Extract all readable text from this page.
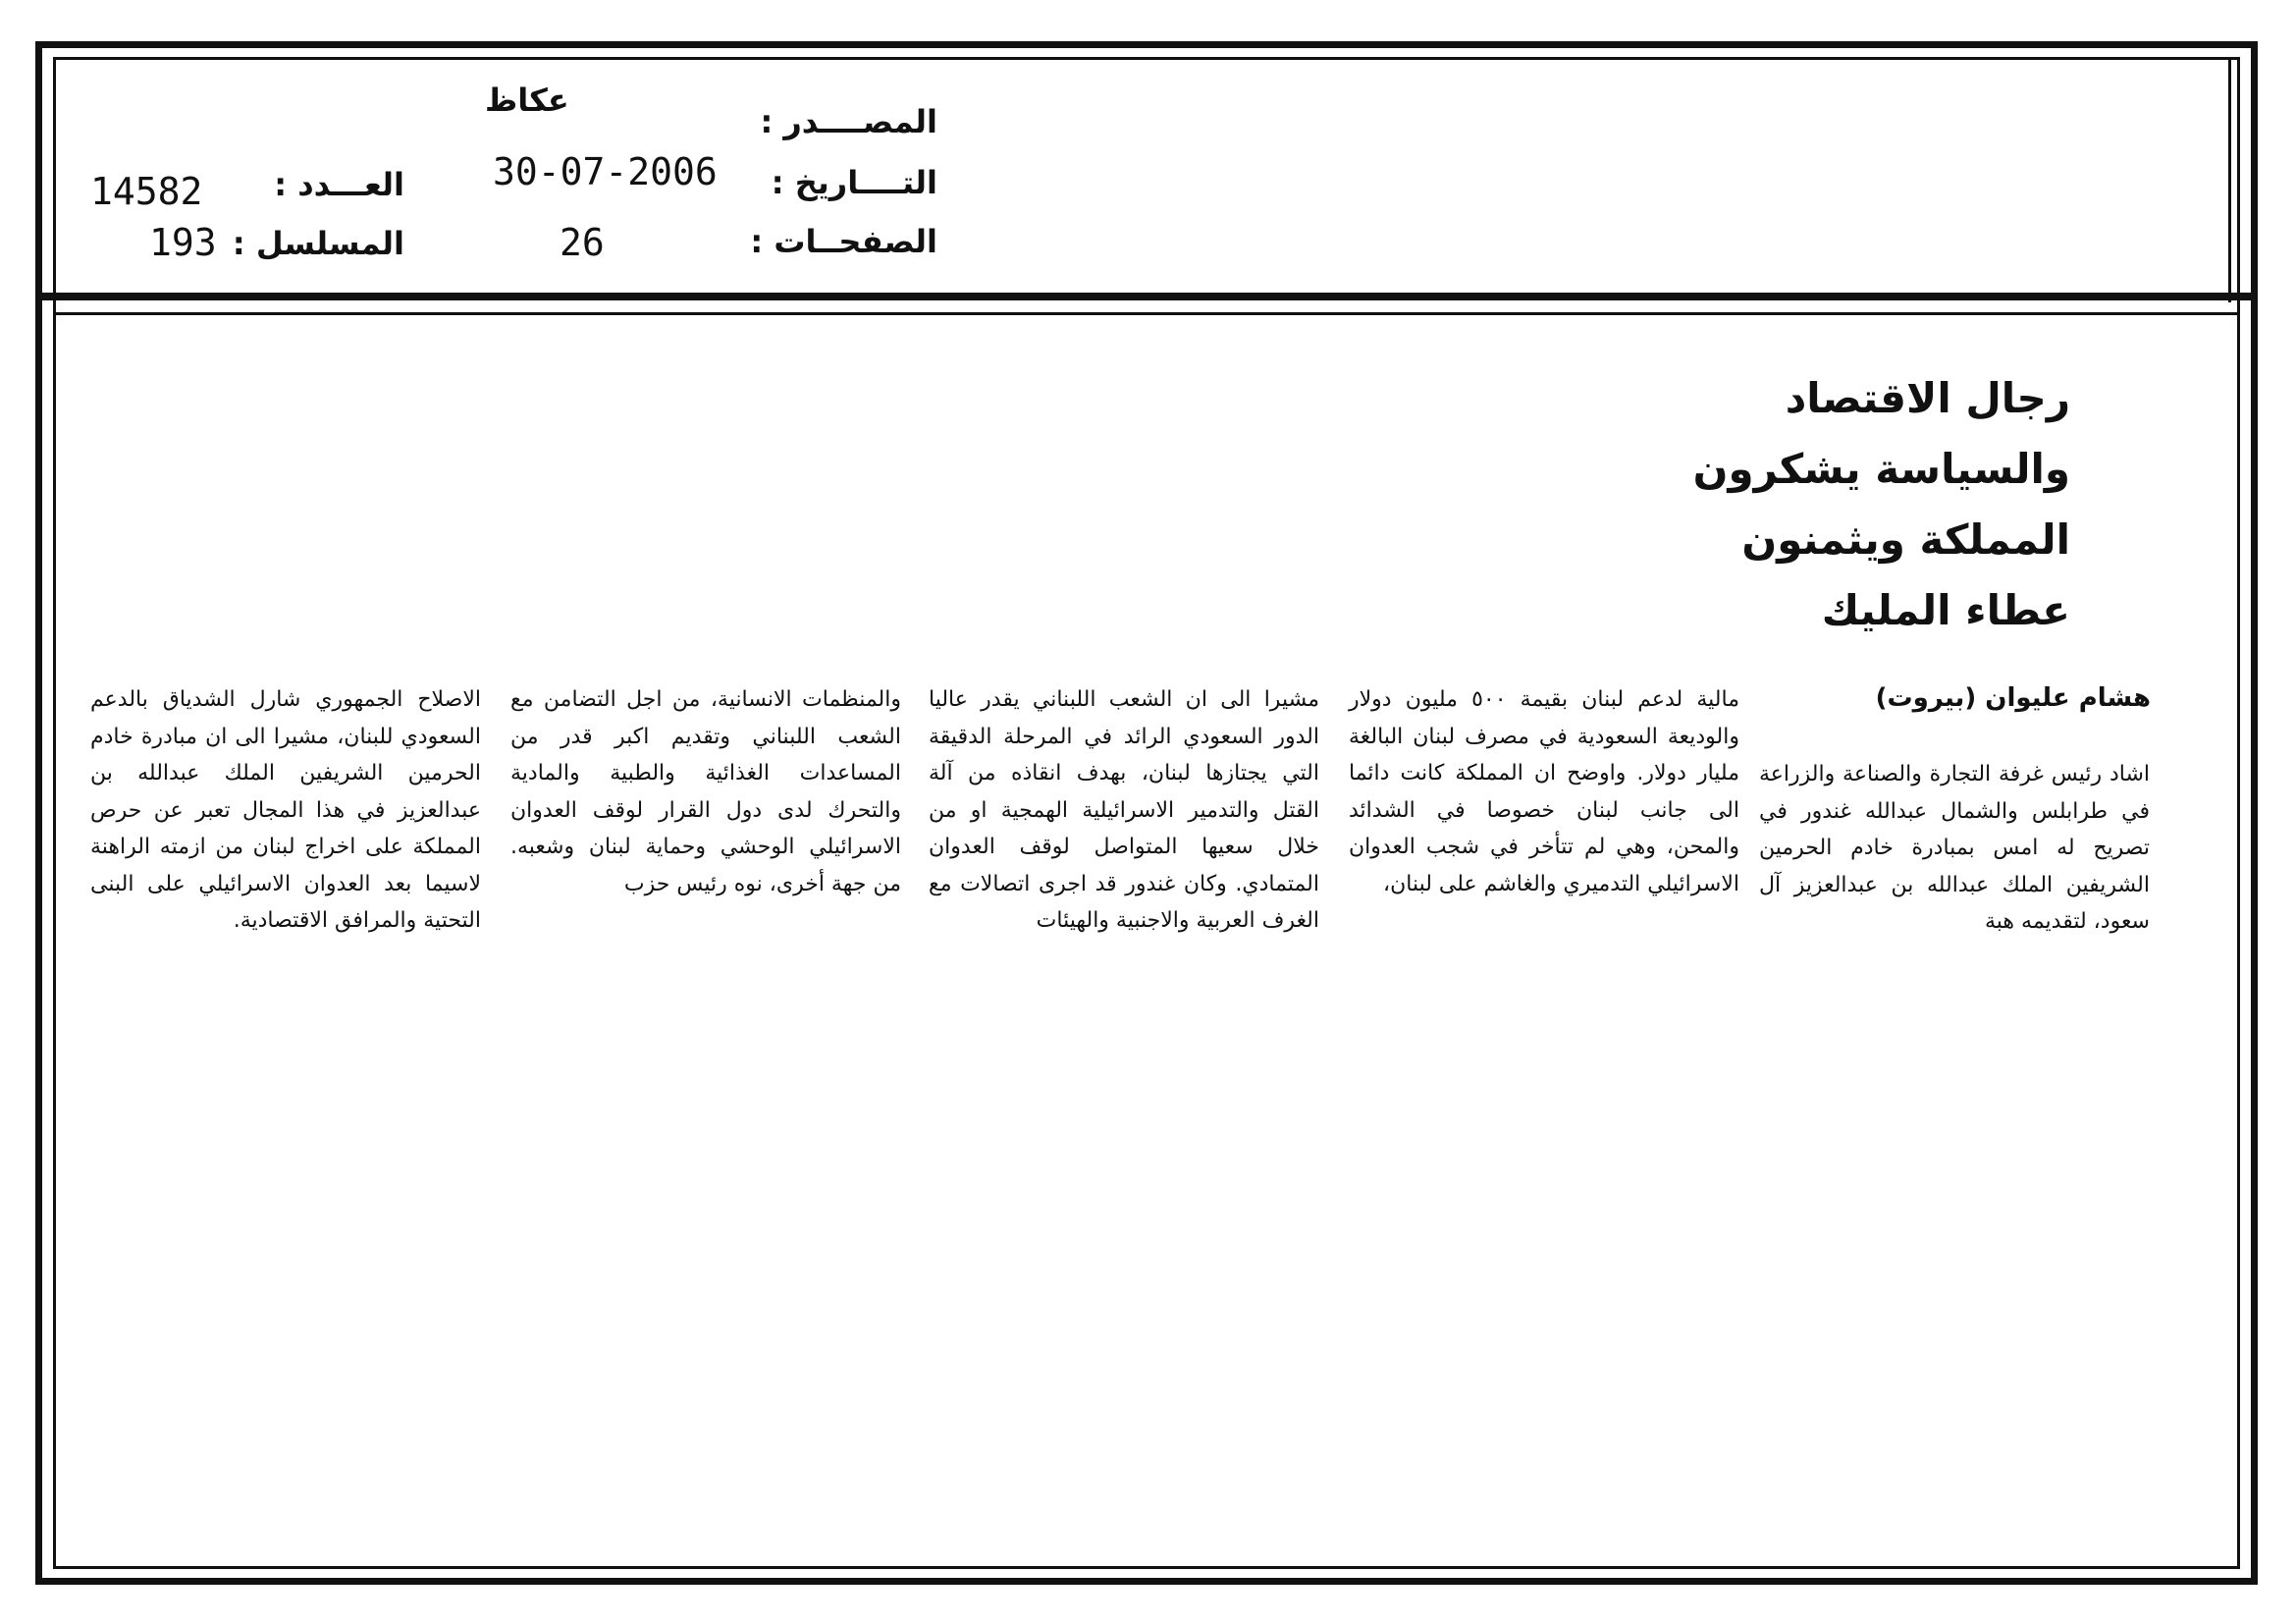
المصــــدر :
عكاظ
التــــاريخ :
30-07-2006
الصفحــات :
26
العـــدد :
14582
المسلسل :
193
رجال الاقتصاد
والسياسة يشكرون
المملكة ويثمنون
عطاء المليك
هشام عليوان (بيروت)

اشاد رئيس غرفة التجارة والصناعة والزراعة في طرابلس والشمال عبدالله غندور في تصريح له امس بمبادرة خادم الحرمين الشريفين الملك عبدالله بن عبدالعزيز آل سعود، لتقديمه هبة

مالية لدعم لبنان بقيمة ٥٠٠ مليون دولار والوديعة السعودية في مصرف لبنان البالغة مليار دولار. واوضح ان المملكة كانت دائما الى جانب لبنان خصوصا في الشدائد والمحن، وهي لم تتأخر في شجب العدوان الاسرائيلي التدميري والغاشم على لبنان،

مشيرا الى ان الشعب اللبناني يقدر عاليا الدور السعودي الرائد في المرحلة الدقيقة التي يجتازها لبنان، بهدف انقاذه من آلة القتل والتدمير الاسرائيلية الهمجية او من خلال سعيها المتواصل لوقف العدوان المتمادي. وكان غندور قد اجرى اتصالات مع الغرف العربية والاجنبية والهيئات

والمنظمات الانسانية، من اجل التضامن مع الشعب اللبناني وتقديم اكبر قدر من المساعدات الغذائية والطبية والمادية والتحرك لدى دول القرار لوقف العدوان الاسرائيلي الوحشي وحماية لبنان وشعبه. من جهة أخرى، نوه رئيس حزب

الاصلاح الجمهوري شارل الشدياق بالدعم السعودي للبنان، مشيرا الى ان مبادرة خادم الحرمين الشريفين الملك عبدالله بن عبدالعزيز في هذا المجال تعبر عن حرص المملكة على اخراج لبنان من ازمته الراهنة لاسيما بعد العدوان الاسرائيلي على البنى التحتية والمرافق الاقتصادية.
